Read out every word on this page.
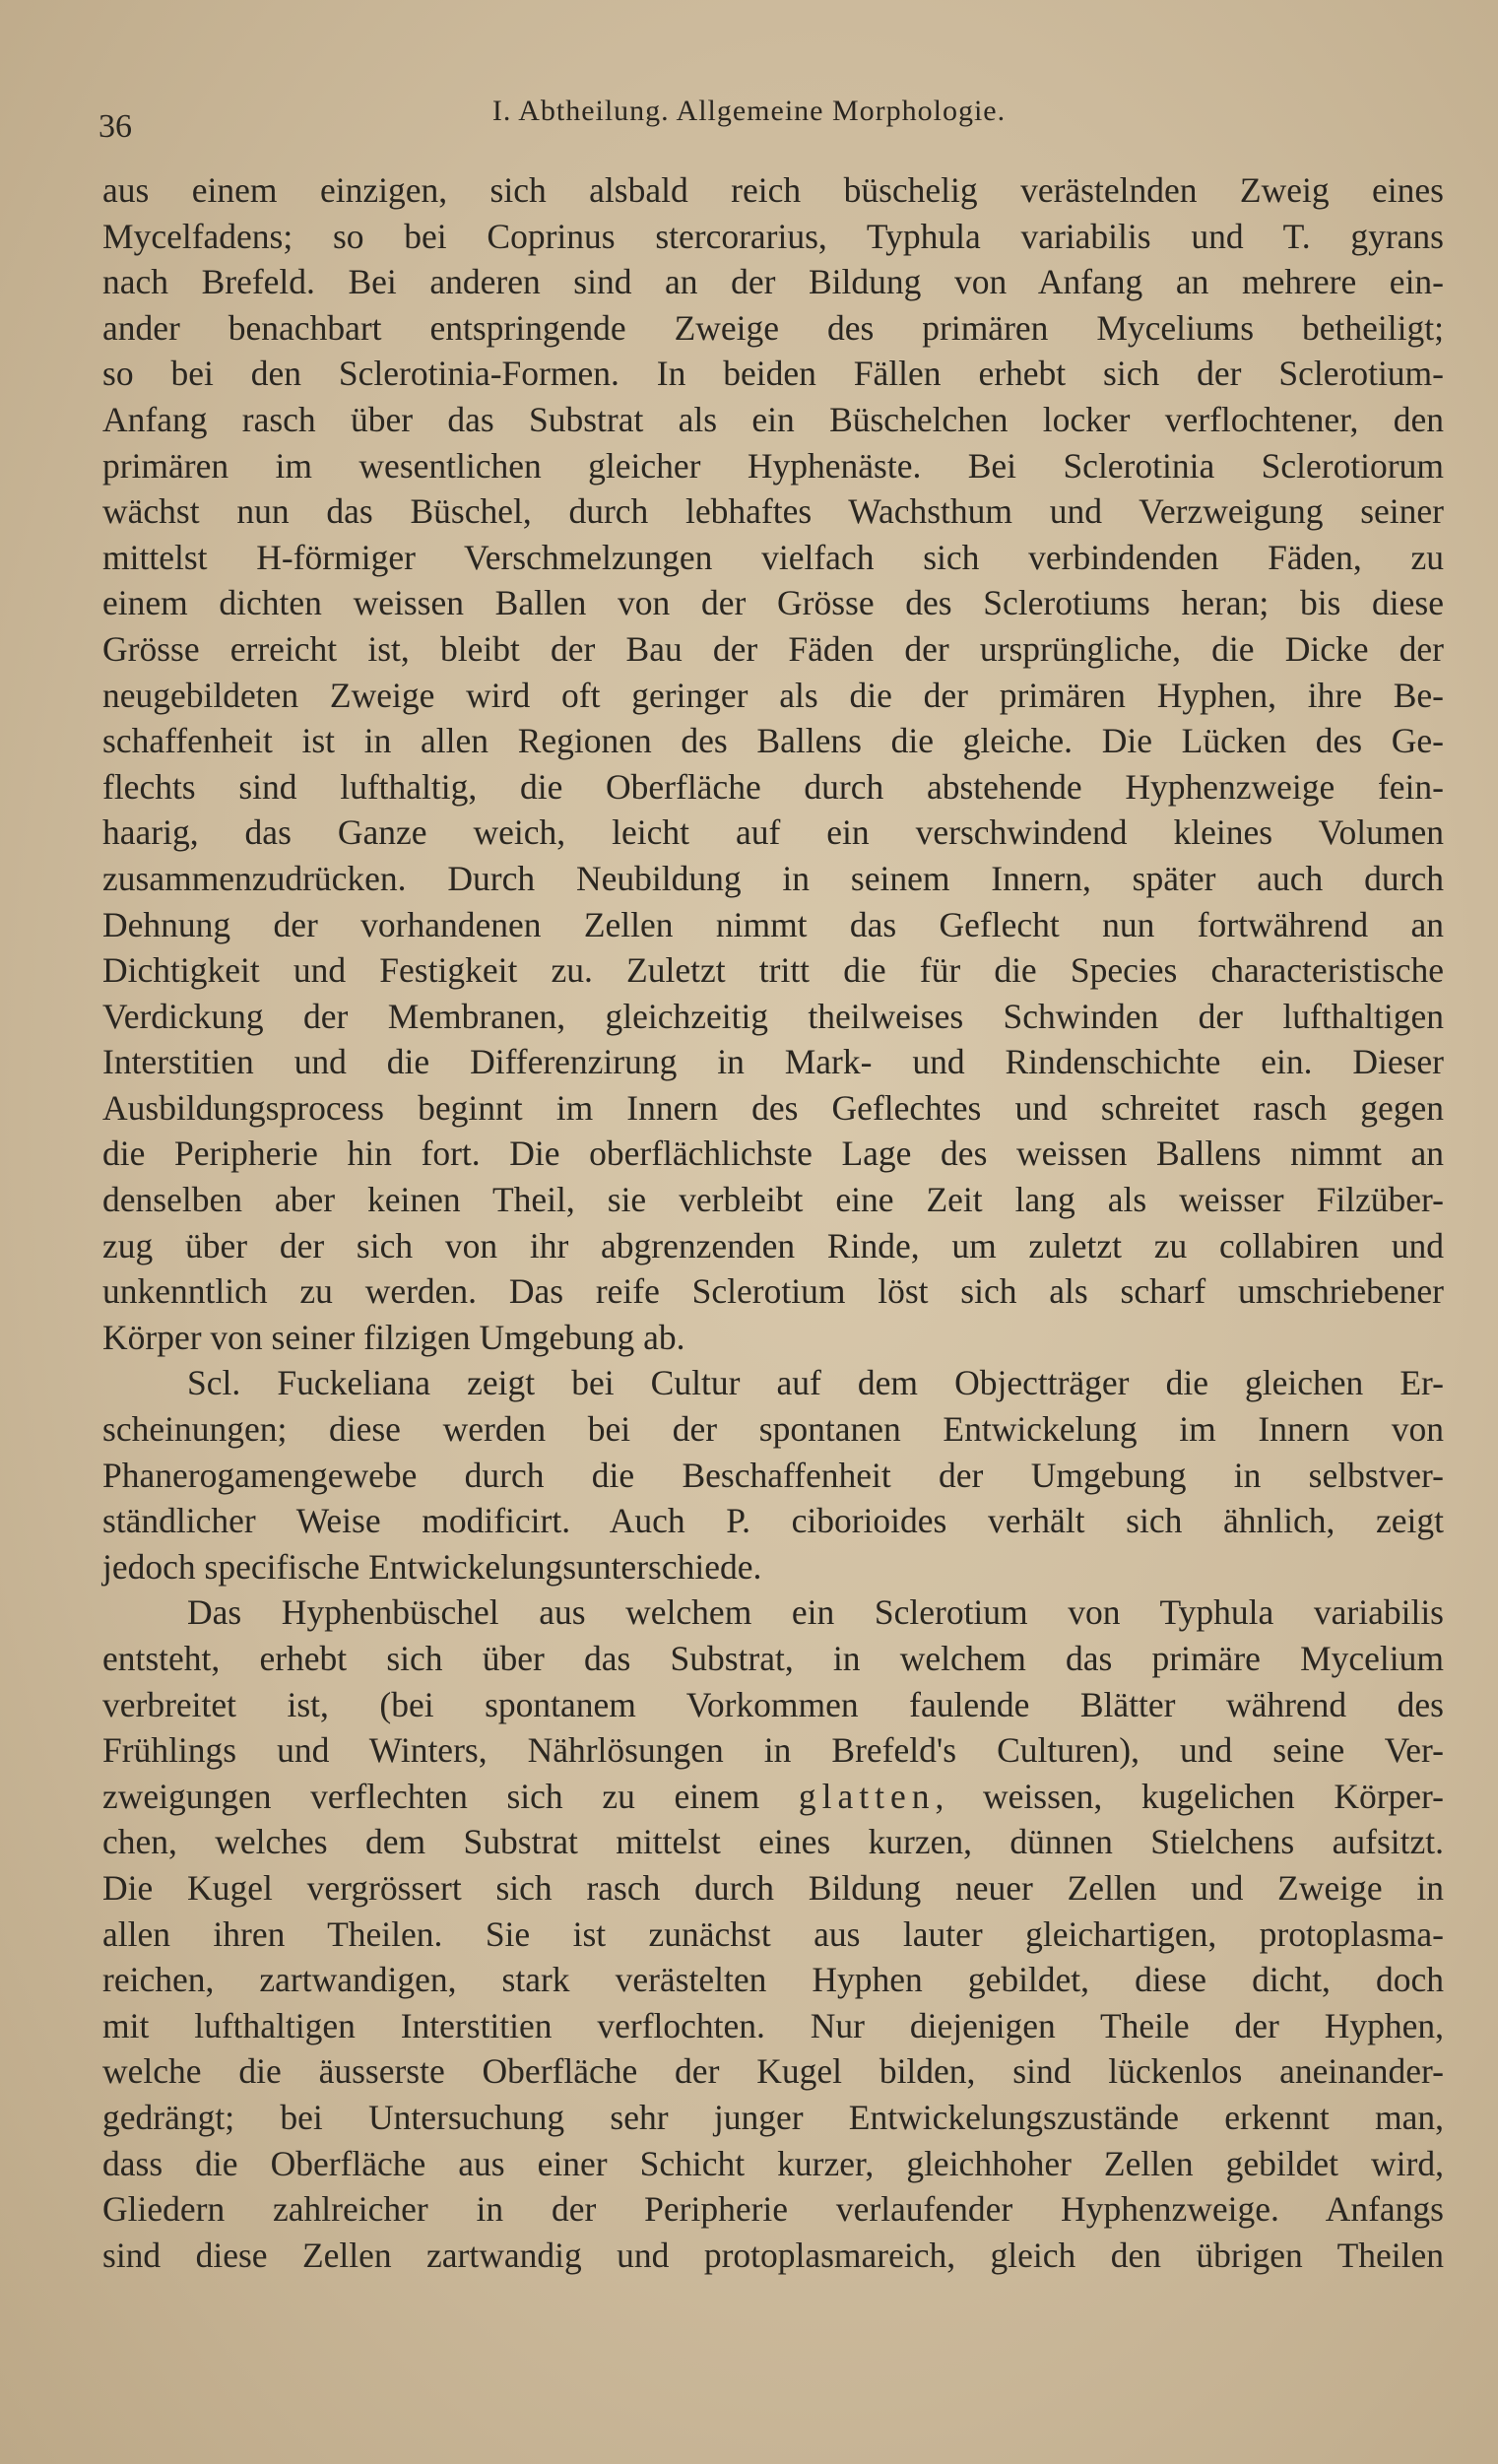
36	I. Abtheilung. Allgemeine Morphologie.
aus einem einzigen, sich alsbald reich büschelig verästelnden Zweig eines
Mycelfadens; so bei Coprinus stercorarius, Typhula variabilis und T. gyrans
nach Brefeld. Bei anderen sind an der Bildung von Anfang an mehrere ein-
ander benachbart entspringende Zweige des primären Myceliums betheiligt;
so bei den Sclerotinia-Formen. In beiden Fällen erhebt sich der Sclerotium-
Anfang rasch über das Substrat als ein Büschelchen locker verflochtener, den
primären im wesentlichen gleicher Hyphenäste. Bei Sclerotinia Sclerotiorum
wächst nun das Büschel, durch lebhaftes Wachsthum und Verzweigung seiner
mittelst H-förmiger Verschmelzungen vielfach sich verbindenden Fäden, zu
einem dichten weissen Ballen von der Grösse des Sclerotiums heran; bis diese
Grösse erreicht ist, bleibt der Bau der Fäden der ursprüngliche, die Dicke der
neugebildeten Zweige wird oft geringer als die der primären Hyphen, ihre Be-
schaffenheit ist in allen Regionen des Ballens die gleiche. Die Lücken des Ge-
flechts sind lufthaltig, die Oberfläche durch abstehende Hyphenzweige fein-
haarig, das Ganze weich, leicht auf ein verschwindend kleines Volumen
zusammenzudrücken. Durch Neubildung in seinem Innern, später auch durch
Dehnung der vorhandenen Zellen nimmt das Geflecht nun fortwährend an
Dichtigkeit und Festigkeit zu. Zuletzt tritt die für die Species characteristische
Verdickung der Membranen, gleichzeitig theilweises Schwinden der lufthaltigen
Interstitien und die Differenzirung in Mark- und Rindenschichte ein. Dieser
Ausbildungsprocess beginnt im Innern des Geflechtes und schreitet rasch gegen
die Peripherie hin fort. Die oberflächlichste Lage des weissen Ballens nimmt an
denselben aber keinen Theil, sie verbleibt eine Zeit lang als weisser Filzüber-
zug über der sich von ihr abgrenzenden Rinde, um zuletzt zu collabiren und
unkenntlich zu werden. Das reife Sclerotium löst sich als scharf umschriebener
Körper von seiner filzigen Umgebung ab.
Scl. Fuckeliana zeigt bei Cultur auf dem Objectträger die gleichen Er-
scheinungen; diese werden bei der spontanen Entwickelung im Innern von
Phanerogamengewebe durch die Beschaffenheit der Umgebung in selbstver-
ständlicher Weise modificirt. Auch P. ciborioides verhält sich ähnlich, zeigt
jedoch specifische Entwickelungsunterschiede.
Das Hyphenbüschel aus welchem ein Sclerotium von Typhula variabilis
entsteht, erhebt sich über das Substrat, in welchem das primäre Mycelium
verbreitet ist, (bei spontanem Vorkommen faulende Blätter während des
Frühlings und Winters, Nährlösungen in Brefeld's Culturen), und seine Ver-
zweigungen verflechten sich zu einem glatten, weissen, kugelichen Körper-
chen, welches dem Substrat mittelst eines kurzen, dünnen Stielchens aufsitzt.
Die Kugel vergrössert sich rasch durch Bildung neuer Zellen und Zweige in
allen ihren Theilen. Sie ist zunächst aus lauter gleichartigen, protoplasma-
reichen, zartwandigen, stark verästelten Hyphen gebildet, diese dicht, doch
mit lufthaltigen Interstitien verflochten. Nur diejenigen Theile der Hyphen,
welche die äusserste Oberfläche der Kugel bilden, sind lückenlos aneinander-
gedrängt; bei Untersuchung sehr junger Entwickelungszustände erkennt man,
dass die Oberfläche aus einer Schicht kurzer, gleichhoher Zellen gebildet wird,
Gliedern zahlreicher in der Peripherie verlaufender Hyphenzweige. Anfangs
sind diese Zellen zartwandig und protoplasmareich, gleich den übrigen Theilen
